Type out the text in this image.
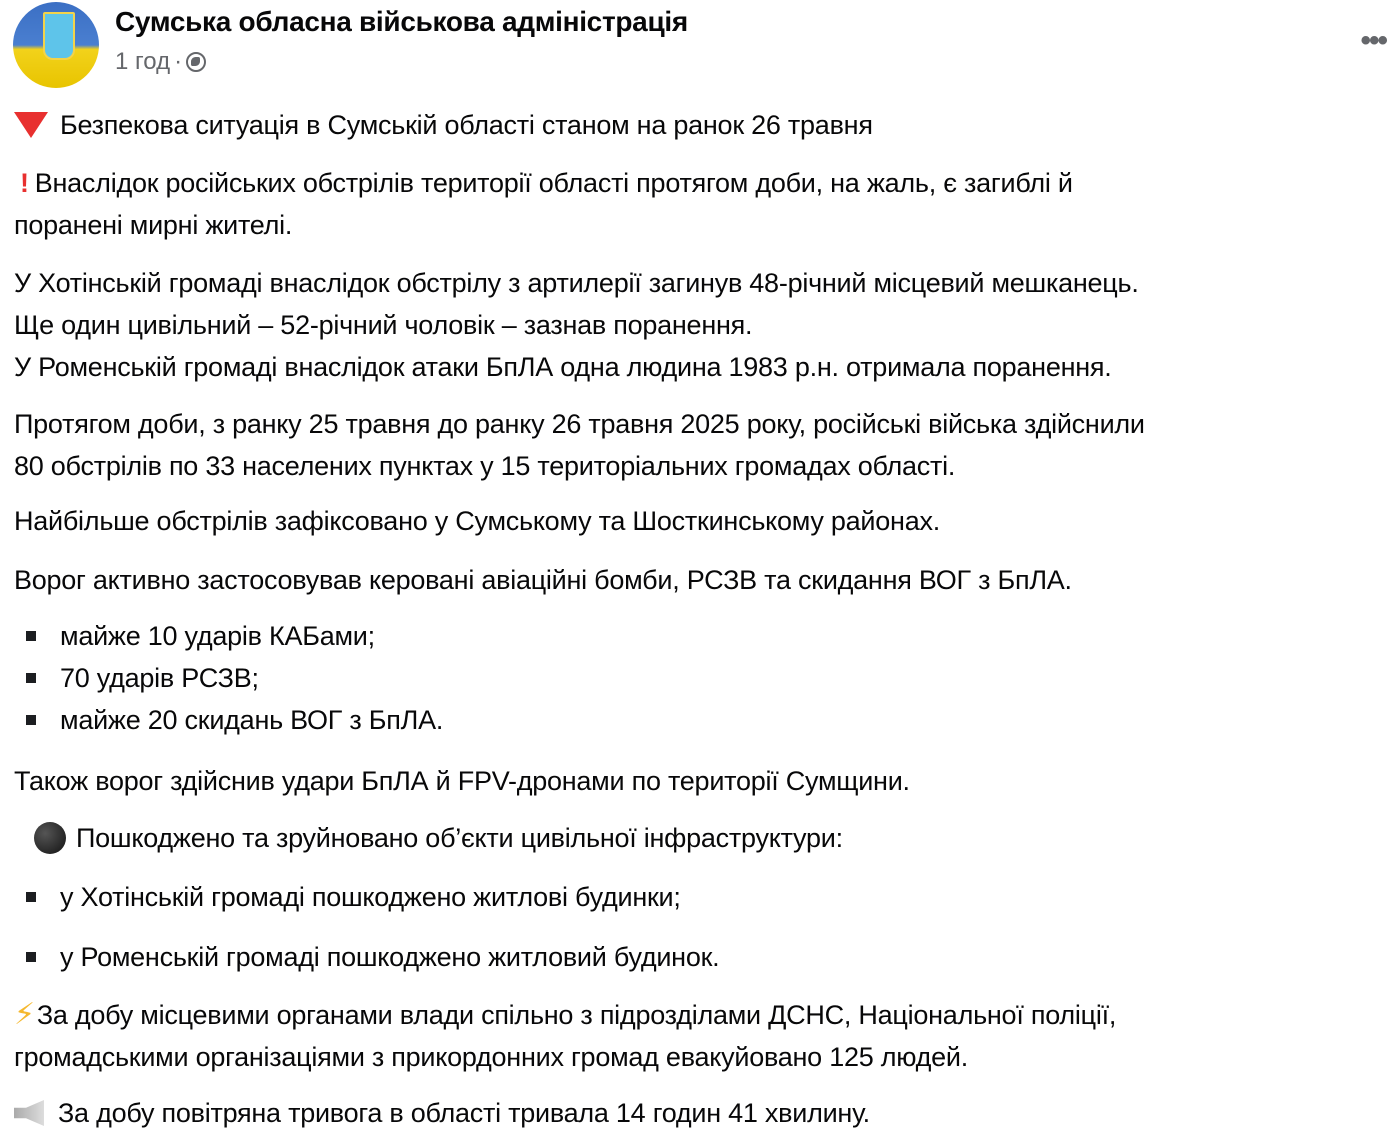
Сумська обласна військова адміністрація
1 год ·
•••
Безпекова ситуація в Сумській області станом на ранок 26 травня
! Внаслідок російських обстрілів території області протягом доби, на жаль, є загиблі й
поранені мирні жителі.
У Хотінській громаді внаслідок обстрілу з артилерії загинув 48-річний місцевий мешканець.
Ще один цивільний – 52-річний чоловік – зазнав поранення.
У Роменській громаді внаслідок атаки БпЛА одна людина 1983 р.н. отримала поранення.
Протягом доби, з ранку 25 травня до ранку 26 травня 2025 року, російські війська здійснили
80 обстрілів по 33 населених пунктах у 15 територіальних громадах області.
Найбільше обстрілів зафіксовано у Сумському та Шосткинському районах.
Ворог активно застосовував керовані авіаційні бомби, РСЗВ та скидання ВОГ з БпЛА.
майже 10 ударів КАБами;
70 ударів РСЗВ;
майже 20 скидань ВОГ з БпЛА.
Також ворог здійснив удари БпЛА й FPV-дронами по території Сумщини.
Пошкоджено та зруйновано об’єкти цивільної інфраструктури:
у Хотінській громаді пошкоджено житлові будинки;
у Роменській громаді пошкоджено житловий будинок.
⚡За добу місцевими органами влади спільно з підрозділами ДСНС, Національної поліції,
громадськими організаціями з прикордонних громад евакуйовано 125 людей.
За добу повітряна тривога в області тривала 14 годин 41 хвилину.
